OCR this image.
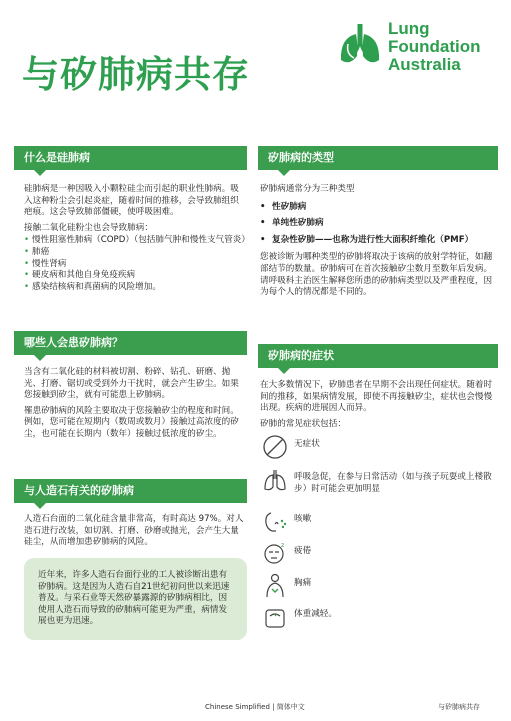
与矽肺病共存
Lung
Foundation
Australia
什么是硅肺病

硅肺病是一种因吸入小颗粒硅尘而引起的职业性肺病。吸入这种粉尘会引起炎症，随着时间的推移，会导致肺组织疤痕。这会导致肺部僵硬，使呼吸困难。

接触二氧化硅粉尘也会导致肺病：

• 慢性阻塞性肺病（COPD）（包括肺气肿和慢性支气管炎）
• 肺癌
• 慢性肾病
• 硬皮病和其他自身免疫疾病
• 感染结核病和真菌病的风险增加。
哪些人会患矽肺病？

当含有二氧化硅的材料被切割、粉碎、钻孔、研磨、抛光、打磨、锯切或受到外力干扰时，就会产生矽尘。如果您接触到矽尘，就有可能患上矽肺病。

罹患矽肺病的风险主要取决于您接触矽尘的程度和时间。例如，您可能在短期内（数周或数月）接触过高浓度的矽尘，也可能在长期内（数年）接触过低浓度的矽尘。

与人造石有关的矽肺病

人造石台面的二氧化硅含量非常高，有时高达 97%。对人造石进行改装，如切割、打磨、砂磨或抛光，会产生大量硅尘，从而增加患矽肺病的风险。

近年来，许多人造石台面行业的工人被诊断出患有矽肺病。这是因为人造石自21世纪初问世以来迅速普及。与采石业等天然矽暴露源的矽肺病相比，因使用人造石而导致的矽肺病可能更为严重，病情发展也更为迅速。
矽肺病的类型

矽肺病通常分为三种类型

• 性矽肺病
• 单纯性矽肺病
• 复杂性矽肺——也称为进行性大面积纤维化（PMF）

您被诊断为哪种类型的矽肺将取决于该病的放射学特征，如翻部结节的数量。矽肺病可在首次接触矽尘数月至数年后发病。请呼吸科主治医生解释您所患的矽肺病类型以及严重程度，因为每个人的情况都是不同的。

矽肺病的症状

在大多数情况下，矽肺患者在早期不会出现任何症状。随着时间的推移，如果病情发展，即使不再接触矽尘，症状也会慢慢出现。疾病的进展因人而异。

矽肺的常见症状包括：

无症状
呼吸急促，在参与日常活动（如与孩子玩耍或上楼散步）时可能会更加明显
咳嗽
z
疲倦
胸痛
体重减轻。
Chinese Simplified | 简体中文	与矽肺病共存
